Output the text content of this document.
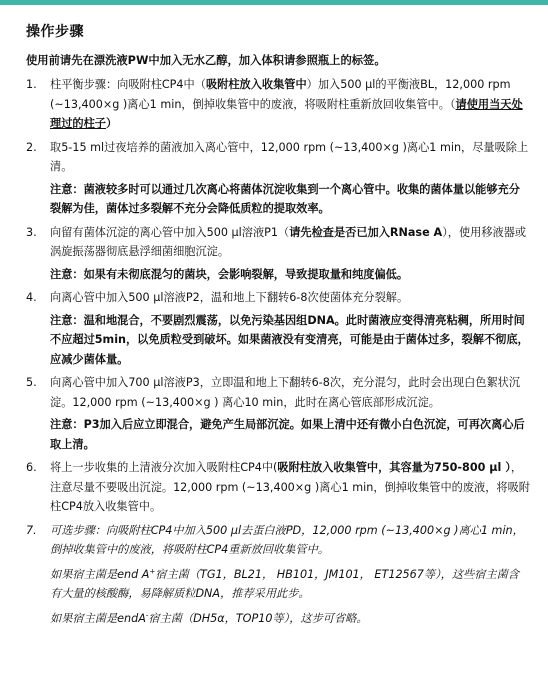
操作步骤
使用前请先在漂洗液PW中加入无水乙醇，加入体积请参照瓶上的标签。
1. 柱平衡步骤：向吸附柱CP4中（吸附柱放入收集管中）加入500 µl的平衡液BL，12,000 rpm (~13,400×g )离心1 min，倒掉收集管中的废液，将吸附柱重新放回收集管中。（请使用当天处理过的柱子）
2. 取5-15 ml过夜培养的菌液加入离心管中，12,000 rpm (~13,400×g )离心1 min，尽量吸除上清。
注意：菌液较多时可以通过几次离心将菌体沉淀收集到一个离心管中。收集的菌体量以能够充分裂解为佳，菌体过多裂解不充分会降低质粒的提取效率。
3. 向留有菌体沉淀的离心管中加入500 µl溶液P1（请先检查是否已加入RNase A），使用移液器或涡旋振荡器彻底悬浮细菌细胞沉淀。
注意：如果有未彻底混匀的菌块，会影响裂解，导致提取量和纯度偏低。
4. 向离心管中加入500 µl溶液P2，温和地上下翻转6-8次使菌体充分裂解。
注意：温和地混合，不要剧烈震荡，以免污染基因组DNA。此时菌液应变得清亮粘稠，所用时间不应超过5min，以免质粒受到破坏。如果菌液没有变清亮，可能是由于菌体过多，裂解不彻底，应减少菌体量。
5. 向离心管中加入700 µl溶液P3，立即温和地上下翻转6-8次，充分混匀，此时会出现白色絮状沉淀。12,000 rpm (~13,400×g ) 离心10 min，此时在离心管底部形成沉淀。
注意：P3加入后应立即混合，避免产生局部沉淀。如果上清中还有微小白色沉淀，可再次离心后取上清。
6. 将上一步收集的上清液分次加入吸附柱CP4中(吸附柱放入收集管中，其容量为750-800 µl ），注意尽量不要吸出沉淀。12,000 rpm (~13,400×g )离心1 min，倒掉收集管中的废液，将吸附柱CP4放入收集管中。
7. 可选步骤：向吸附柱CP4中加入500 µl去蛋白液PD，12,000 rpm (~13,400×g )离心1 min，倒掉收集管中的废液，将吸附柱CP4重新放回收集管中。
如果宿主菌是end A+宿主菌（TG1，BL21， HB101，JM101， ET12567等），这些宿主菌含有大量的核酸酶，易降解质粒DNA，推荐采用此步。
如果宿主菌是endA-宿主菌（DH5α，TOP10等），这步可省略。
